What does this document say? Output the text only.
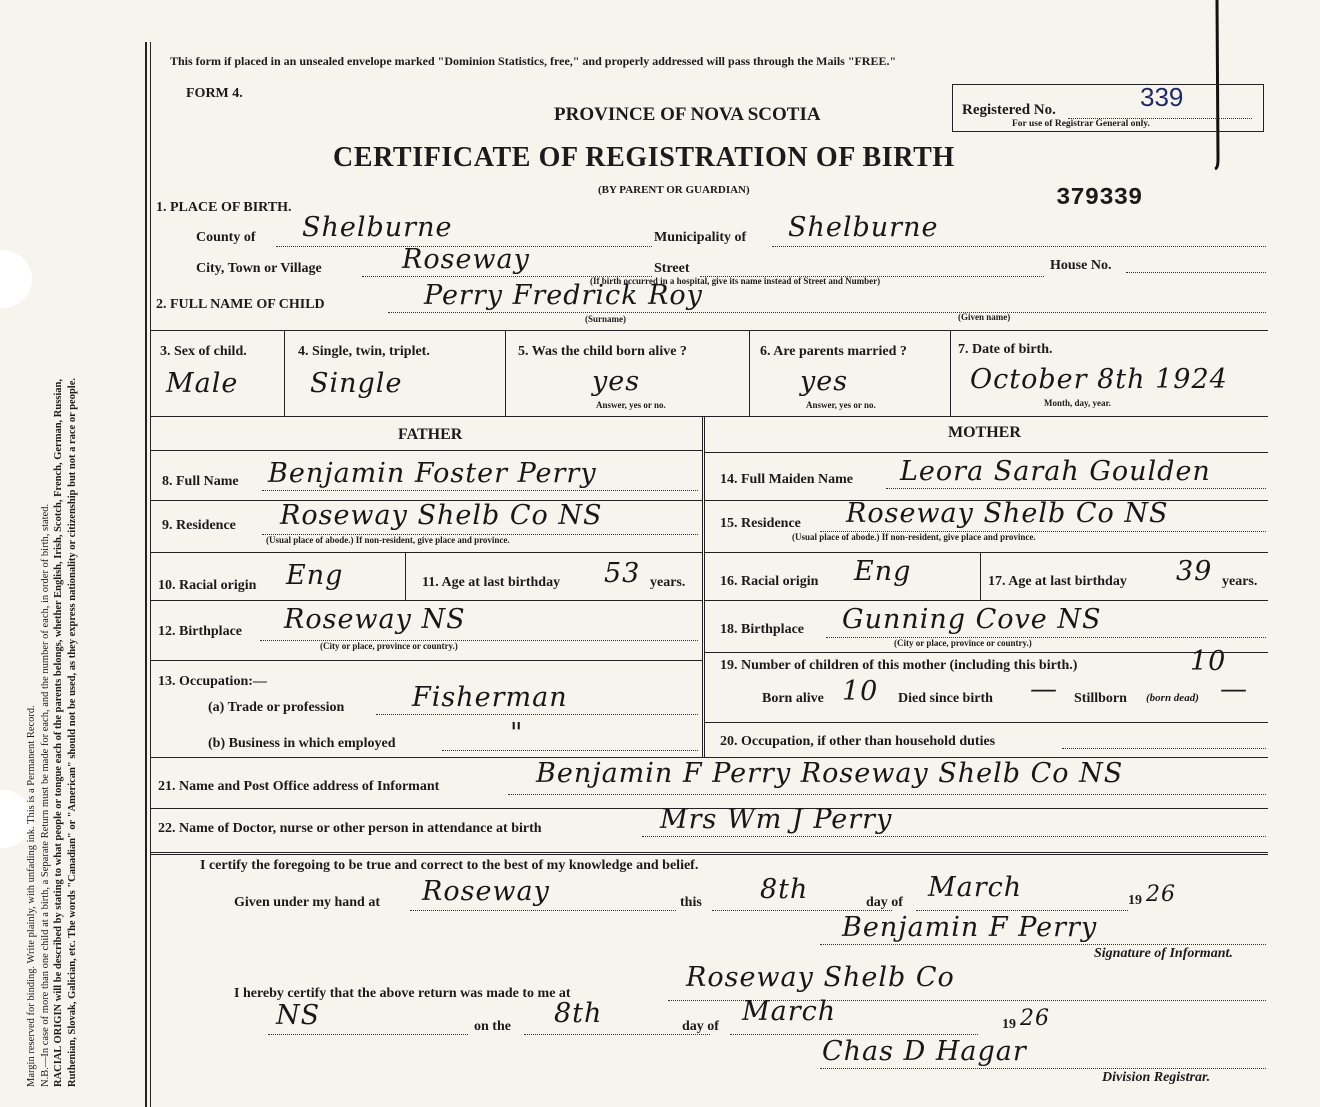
Margin reserved for binding. Write plainly, with unfading ink. This is a Permanent Record. N.B.—In case of more than one child at a birth, a Separate Return must be made for each, and the number of each, in order of birth, stated. RACIAL ORIGIN will be described by stating to what people or tongue each of the parents belongs, whether English, Irish, Scotch, French, German, Russian, Ruthenian, Slovak, Galician, etc. The words "Canadian" or "American" should not be used, as they express nationality or citizenship but not a race or people.
This form if placed in an unsealed envelope marked "Dominion Statistics, free," and properly addressed will pass through the Mails "FREE."
FORM 4.
PROVINCE OF NOVA SCOTIA
CERTIFICATE OF REGISTRATION OF BIRTH
(BY PARENT OR GUARDIAN)
Registered No.	339
For use of Registrar General only.
379339
1. PLACE OF BIRTH.
County of Shelburne	Municipality of Shelburne
City, Town or Village	Roseway	Street
(If birth occurred in a hospital, give its name instead of Street and Number)
House No.
2. FULL NAME OF CHILD	Perry Fredrick Roy
(Surname)	(Given name)
3. Sex of child.
Male
4. Single, twin, triplet.
Single
5. Was the child born alive ?
yes
Answer, yes or no.
6. Are parents married ?
yes
Answer, yes or no.
7. Date of birth.
October 8th 1924
Month, day, year.
FATHER	MOTHER
8. Full Name Benjamin Foster Perry
9. Residence Roseway Shelb Co NS
(Usual place of abode.) If non-resident, give place and province.
10. Racial origin Eng	11. Age at last birthday 53 years.
12. Birthplace Roseway NS
(City or place, province or country.)
13. Occupation:—
(a) Trade or profession	Fisherman
(b) Business in which employed	"
14. Full Maiden Name Leora Sarah Goulden
15. Residence Roseway Shelb Co NS
(Usual place of abode.) If non-resident, give place and province.
16. Racial origin Eng	17. Age at last birthday 39 years.
18. Birthplace Gunning Cove NS
(City or place, province or country.)
19. Number of children of this mother (including this birth.)	10
Born alive 10 Died since birth — Stillborn (born dead) —
20. Occupation, if other than household duties
21. Name and Post Office address of Informant	Benjamin F Perry Roseway Shelb Co NS
22. Name of Doctor, nurse or other person in attendance at birth	Mrs Wm J Perry
I certify the foregoing to be true and correct to the best of my knowledge and belief.
Given under my hand at Roseway	this 8th	day of March	19 26
Benjamin F Perry
Signature of Informant.
I hereby certify that the above return was made to me at
Roseway Shelb Co
NS	on the 8th	day of March	19 26
Chas D Hagar
Division Registrar.
